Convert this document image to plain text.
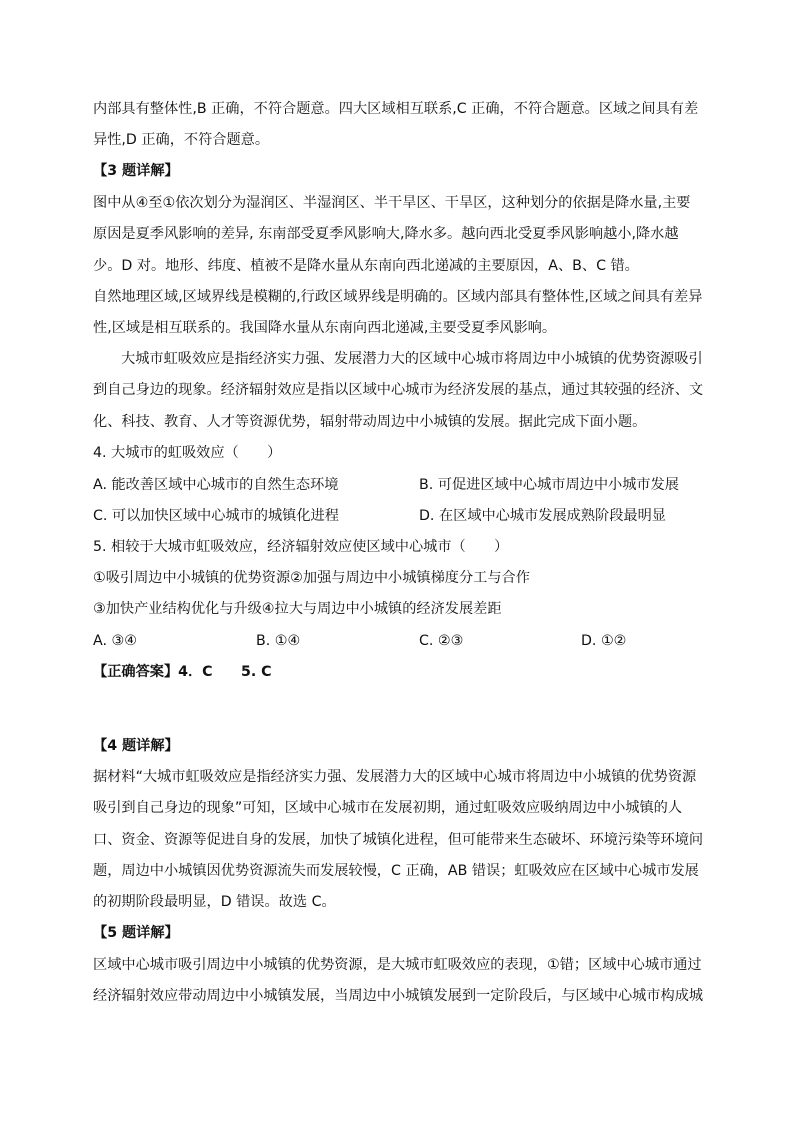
内部具有整体性,B 正确，不符合题意。四大区域相互联系,C 正确，不符合题意。区域之间具有差
异性,D 正确，不符合题意。
【3 题详解】
图中从④至①依次划分为湿润区、半湿润区、半干旱区、干旱区，这种划分的依据是降水量,主要
原因是夏季风影响的差异, 东南部受夏季风影响大,降水多。越向西北受夏季风影响越小,降水越
少。D 对。地形、纬度、植被不是降水量从东南向西北递减的主要原因，A、B、C 错。
自然地理区域,区域界线是模糊的,行政区域界线是明确的。区域内部具有整体性,区域之间具有差异
性,区域是相互联系的。我国降水量从东南向西北递减,主要受夏季风影响。
大城市虹吸效应是指经济实力强、发展潜力大的区域中心城市将周边中小城镇的优势资源吸引
到自己身边的现象。经济辐射效应是指以区域中心城市为经济发展的基点，通过其较强的经济、文
化、科技、教育、人才等资源优势，辐射带动周边中小城镇的发展。据此完成下面小题。
4. 大城市的虹吸效应（　　）
A. 能改善区域中心城市的自然生态环境	B. 可促进区域中心城市周边中小城市发展
C. 可以加快区域中心城市的城镇化进程	D. 在区域中心城市发展成熟阶段最明显
5. 相较于大城市虹吸效应，经济辐射效应使区域中心城市（　　）
①吸引周边中小城镇的优势资源②加强与周边中小城镇梯度分工与合作
③加快产业结构优化与升级④拉大与周边中小城镇的经济发展差距
A. ③④	B. ①④	C. ②③	D. ①②
【正确答案】4．C　　5. C
【4 题详解】
据材料“大城市虹吸效应是指经济实力强、发展潜力大的区域中心城市将周边中小城镇的优势资源
吸引到自己身边的现象”可知，区域中心城市在发展初期，通过虹吸效应吸纳周边中小城镇的人
口、资金、资源等促进自身的发展，加快了城镇化进程，但可能带来生态破坏、环境污染等环境问
题，周边中小城镇因优势资源流失而发展较慢，C 正确，AB 错误；虹吸效应在区域中心城市发展
的初期阶段最明显，D 错误。故选 C。
【5 题详解】
区域中心城市吸引周边中小城镇的优势资源，是大城市虹吸效应的表现，①错；区域中心城市通过
经济辐射效应带动周边中小城镇发展，当周边中小城镇发展到一定阶段后，与区域中心城市构成城
